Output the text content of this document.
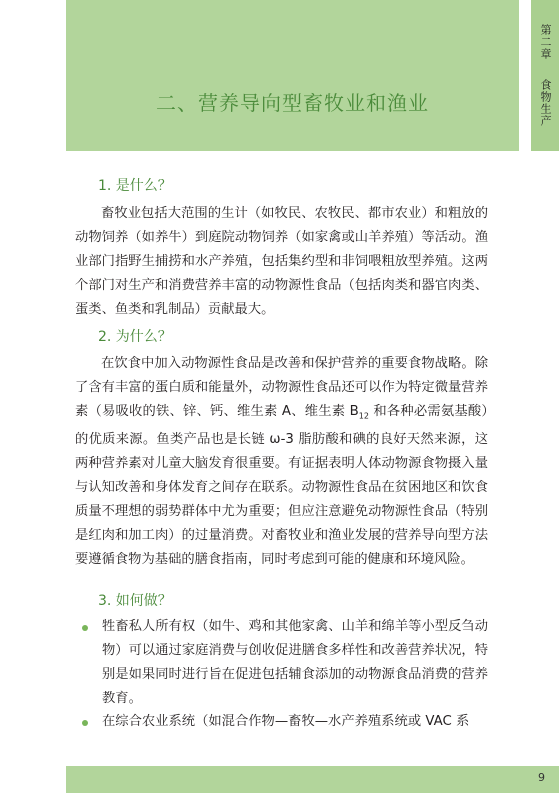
二、营养导向型畜牧业和渔业
第二章  食物生产
1. 是什么？

畜牧业包括大范围的生计（如牧民、农牧民、都市农业）和粗放的动物饲养（如养牛）到庭院动物饲养（如家禽或山羊养殖）等活动。渔业部门指野生捕捞和水产养殖，包括集约型和非饲喂粗放型养殖。这两个部门对生产和消费营养丰富的动物源性食品（包括肉类和器官肉类、蛋类、鱼类和乳制品）贡献最大。

2. 为什么？

在饮食中加入动物源性食品是改善和保护营养的重要食物战略。除了含有丰富的蛋白质和能量外，动物源性食品还可以作为特定微量营养素（易吸收的铁、锌、钙、维生素 A、维生素 $B_{12}$ 和各种必需氨基酸）的优质来源。鱼类产品也是长链 ω-3 脂肪酸和碘的良好天然来源，这两种营养素对儿童大脑发育很重要。有证据表明人体动物源食物摄入量与认知改善和身体发育之间存在联系。动物源性食品在贫困地区和饮食质量不理想的弱势群体中尤为重要；但应注意避免动物源性食品（特别是红肉和加工肉）的过量消费。对畜牧业和渔业发展的营养导向型方法要遵循食物为基础的膳食指南，同时考虑到可能的健康和环境风险。

3. 如何做？
牲畜私人所有权（如牛、鸡和其他家禽、山羊和绵羊等小型反刍动物）可以通过家庭消费与创收促进膳食多样性和改善营养状况，特别是如果同时进行旨在促进包括辅食添加的动物源食品消费的营养教育。
在综合农业系统（如混合作物—畜牧—水产养殖系统或 VAC 系
9
